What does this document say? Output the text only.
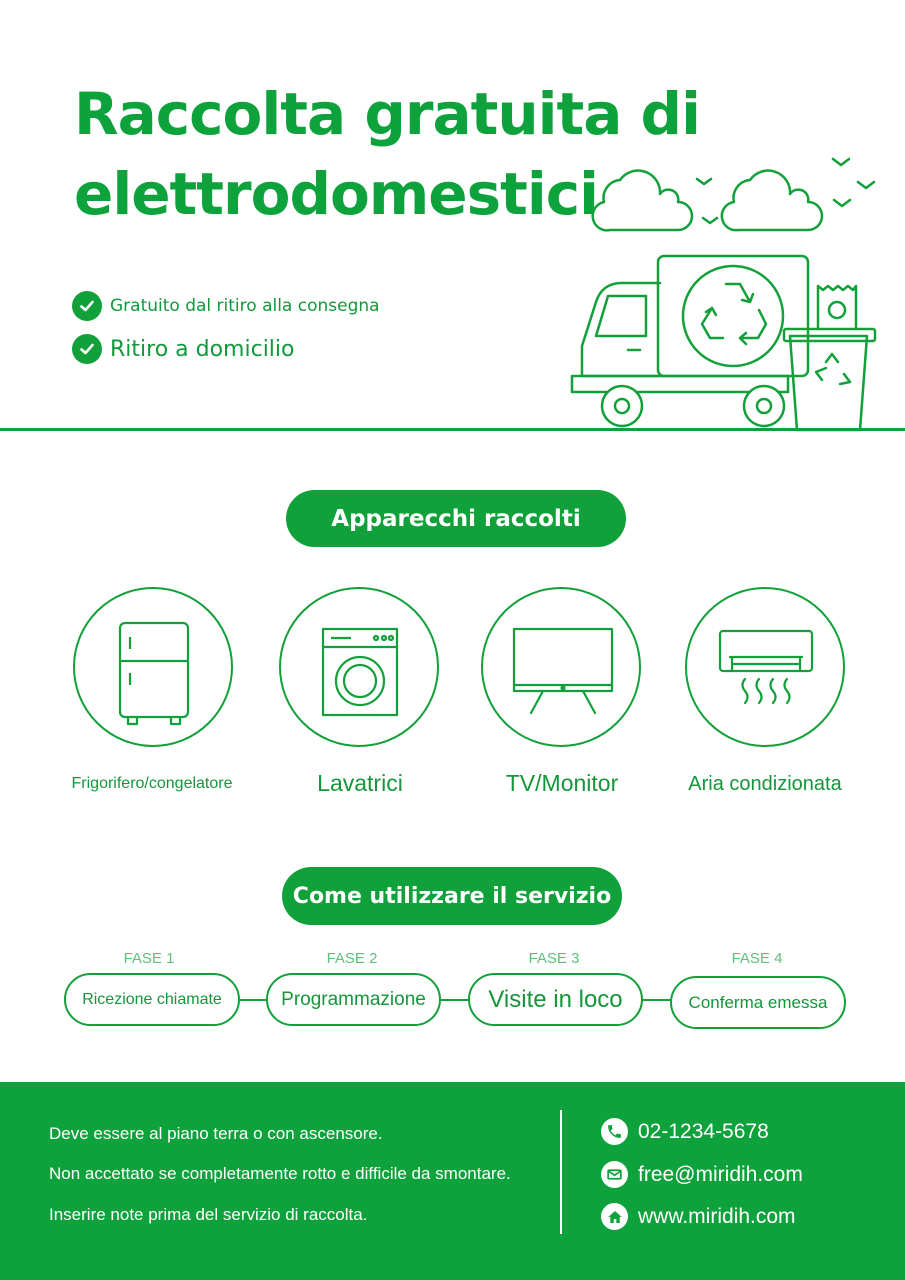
Raccolta gratuita di
elettrodomestici
Gratuito dal ritiro alla consegna
Ritiro a domicilio
Apparecchi raccolti
Frigorifero/congelatore	Lavatrici	TV/Monitor	Aria condizionata
Come utilizzare il servizio
FASE 1	FASE 2	FASE 3	FASE 4
Ricezione chiamate	Programmazione	Visite in loco	Conferma emessa
Deve essere al piano terra o con ascensore.
Non accettato se completamente rotto e difficile da smontare.
Inserire note prima del servizio di raccolta.
02-1234-5678
free@miridih.com
www.miridih.com
